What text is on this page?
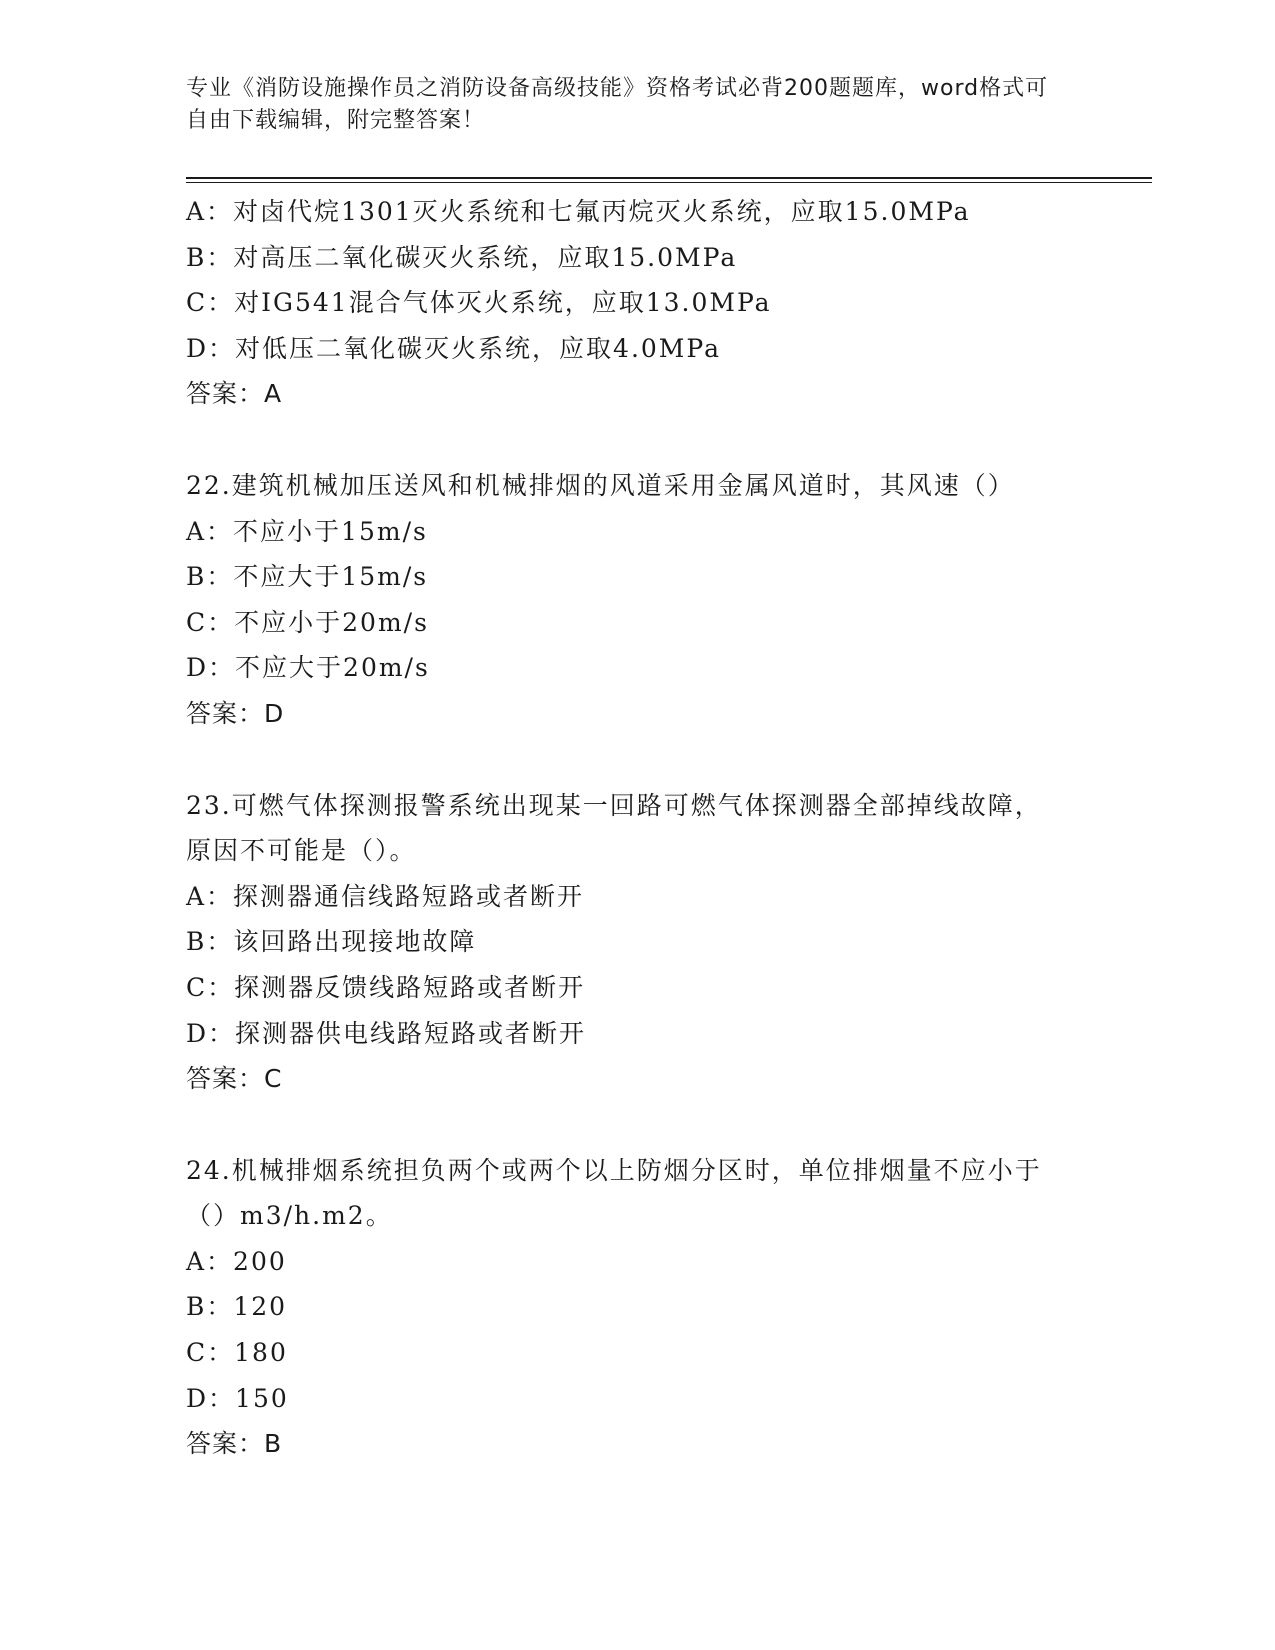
专业《消防设施操作员之消防设备高级技能》资格考试必背200题题库，word格式可自由下载编辑，附完整答案！
A：对卤代烷1301灭火系统和七氟丙烷灭火系统，应取15.0MPa
B：对高压二氧化碳灭火系统，应取15.0MPa
C：对IG541混合气体灭火系统，应取13.0MPa
D：对低压二氧化碳灭火系统，应取4.0MPa
答案：A
22.建筑机械加压送风和机械排烟的风道采用金属风道时，其风速（）
A：不应小于15m/s
B：不应大于15m/s
C：不应小于20m/s
D：不应大于20m/s
答案：D
23.可燃气体探测报警系统出现某一回路可燃气体探测器全部掉线故障，原因不可能是（）。
A：探测器通信线路短路或者断开
B：该回路出现接地故障
C：探测器反馈线路短路或者断开
D：探测器供电线路短路或者断开
答案：C
24.机械排烟系统担负两个或两个以上防烟分区时，单位排烟量不应小于（）m3/h.m2。
A：200
B：120
C：180
D：150
答案：B
